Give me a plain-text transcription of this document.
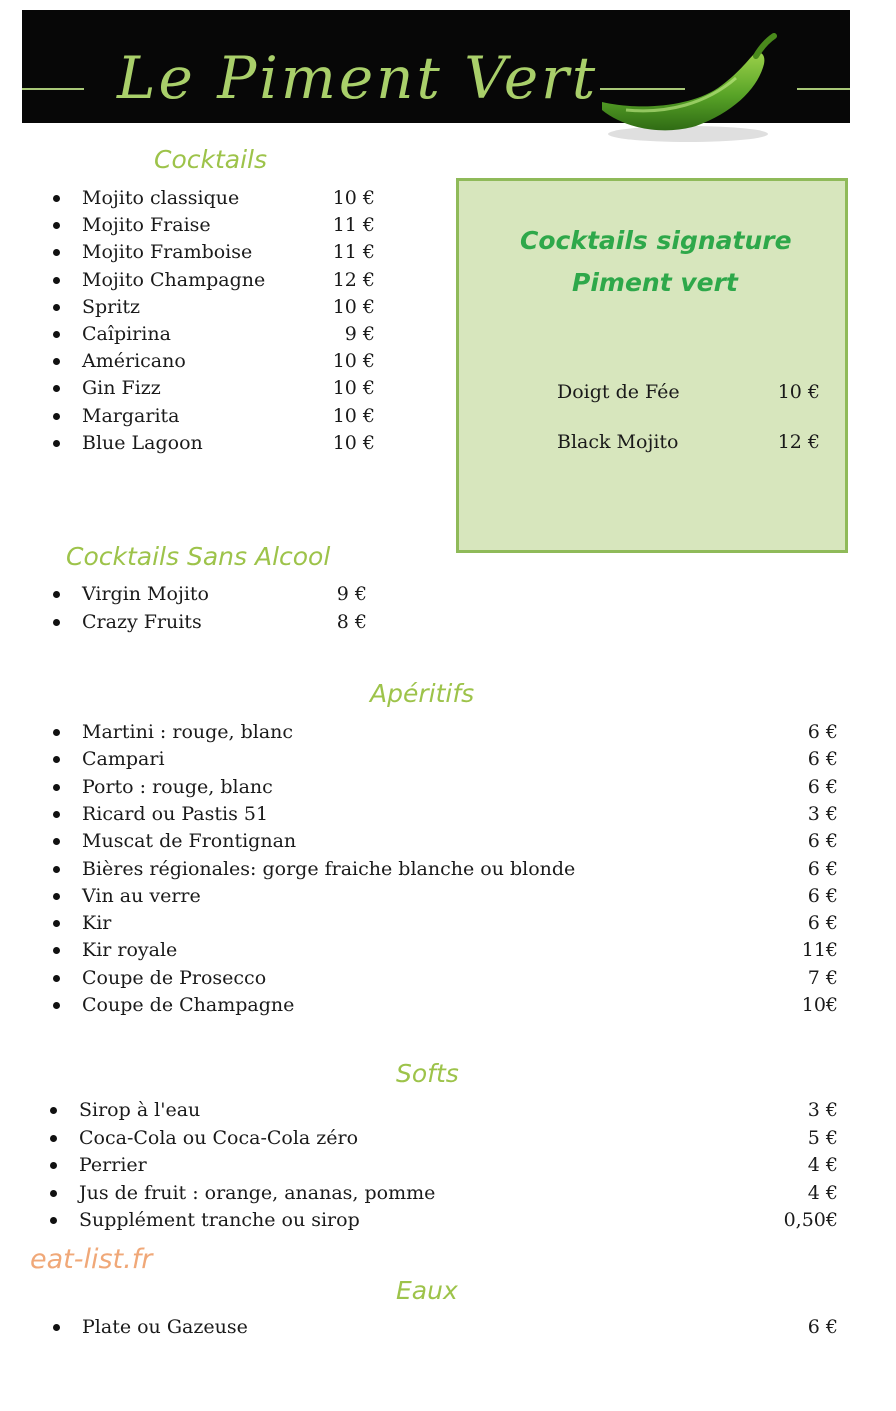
Le Piment Vert
Cocktails
Mojito classique	10 €
Mojito Fraise	11 €
Mojito Framboise	11 €
Mojito Champagne	12 €
Spritz	10 €
Caîpirina	9 €
Américano	10 €
Gin Fizz	10 €
Margarita	10 €
Blue Lagoon	10 €
Cocktails signature
Piment vert
Doigt de Fée	10 €
Black Mojito	12 €
Cocktails Sans Alcool
Virgin Mojito	9 €
Crazy Fruits	8 €
Apéritifs
Martini : rouge, blanc	6 €
Campari	6 €
Porto : rouge, blanc	6 €
Ricard ou Pastis 51	3 €
Muscat de Frontignan	6 €
Bières régionales: gorge fraiche blanche ou blonde	6 €
Vin au verre	6 €
Kir	6 €
Kir royale	11€
Coupe de Prosecco	7 €
Coupe de Champagne	10€
Softs
Sirop à l'eau	3 €
Coca-Cola ou Coca-Cola zéro	5 €
Perrier	4 €
Jus de fruit : orange, ananas, pomme	4 €
Supplément tranche ou sirop	0,50€
Eaux
Plate ou Gazeuse	6 €
eat-list.fr
